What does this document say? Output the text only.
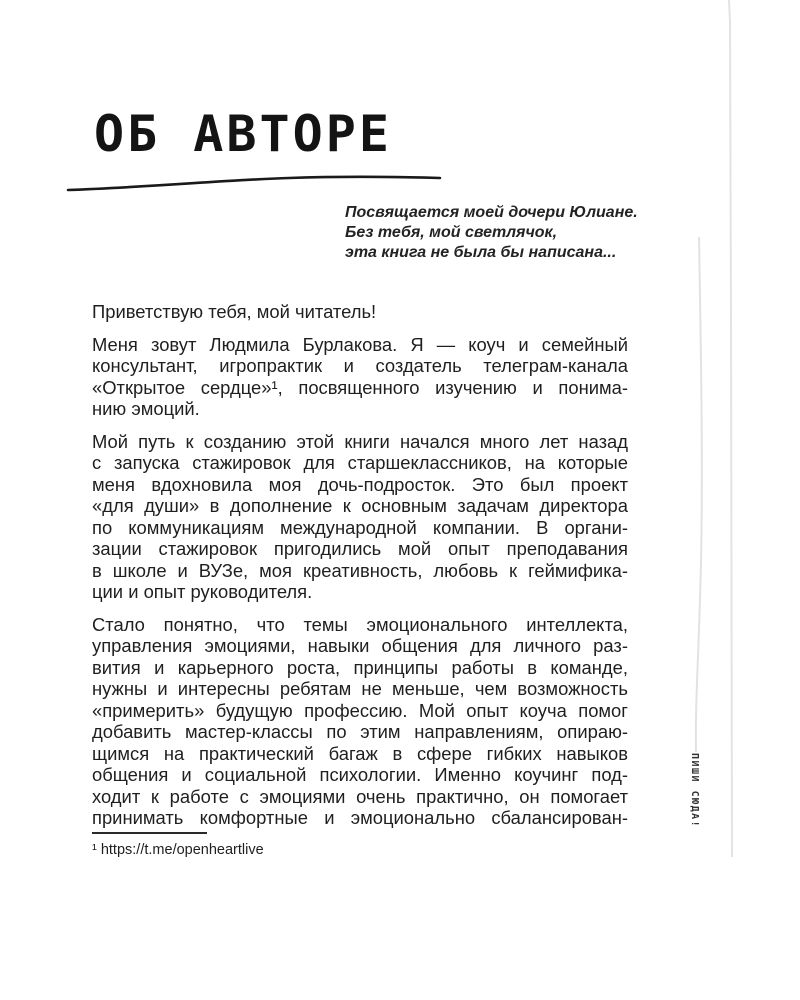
ОБ АВТОРЕ
Посвящается моей дочери Юлиане.
Без тебя, мой светлячок,
эта книга не была бы написана...
Приветствую тебя, мой читатель!
Меня зовут Людмила Бурлакова. Я — коуч и семейный
консультант, игропрактик и создатель телеграм-канала
«Открытое сердце»¹, посвященного изучению и понима-
нию эмоций.
Мой путь к созданию этой книги начался много лет назад
с запуска стажировок для старшеклассников, на которые
меня вдохновила моя дочь-подросток. Это был проект
«для души» в дополнение к основным задачам директора
по коммуникациям международной компании. В органи-
зации стажировок пригодились мой опыт преподавания
в школе и ВУЗе, моя креативность, любовь к геймифика-
ции и опыт руководителя.
Стало понятно, что темы эмоционального интеллекта,
управления эмоциями, навыки общения для личного раз-
вития и карьерного роста, принципы работы в команде,
нужны и интересны ребятам не меньше, чем возможность
«примерить» будущую профессию. Мой опыт коуча помог
добавить мастер-классы по этим направлениям, опираю-
щимся на практический багаж в сфере гибких навыков
общения и социальной психологии. Именно коучинг под-
ходит к работе с эмоциями очень практично, он помогает
принимать комфортные и эмоционально сбалансирован-
¹ https://t.me/openheartlive
ПИШИ СЮДА!
